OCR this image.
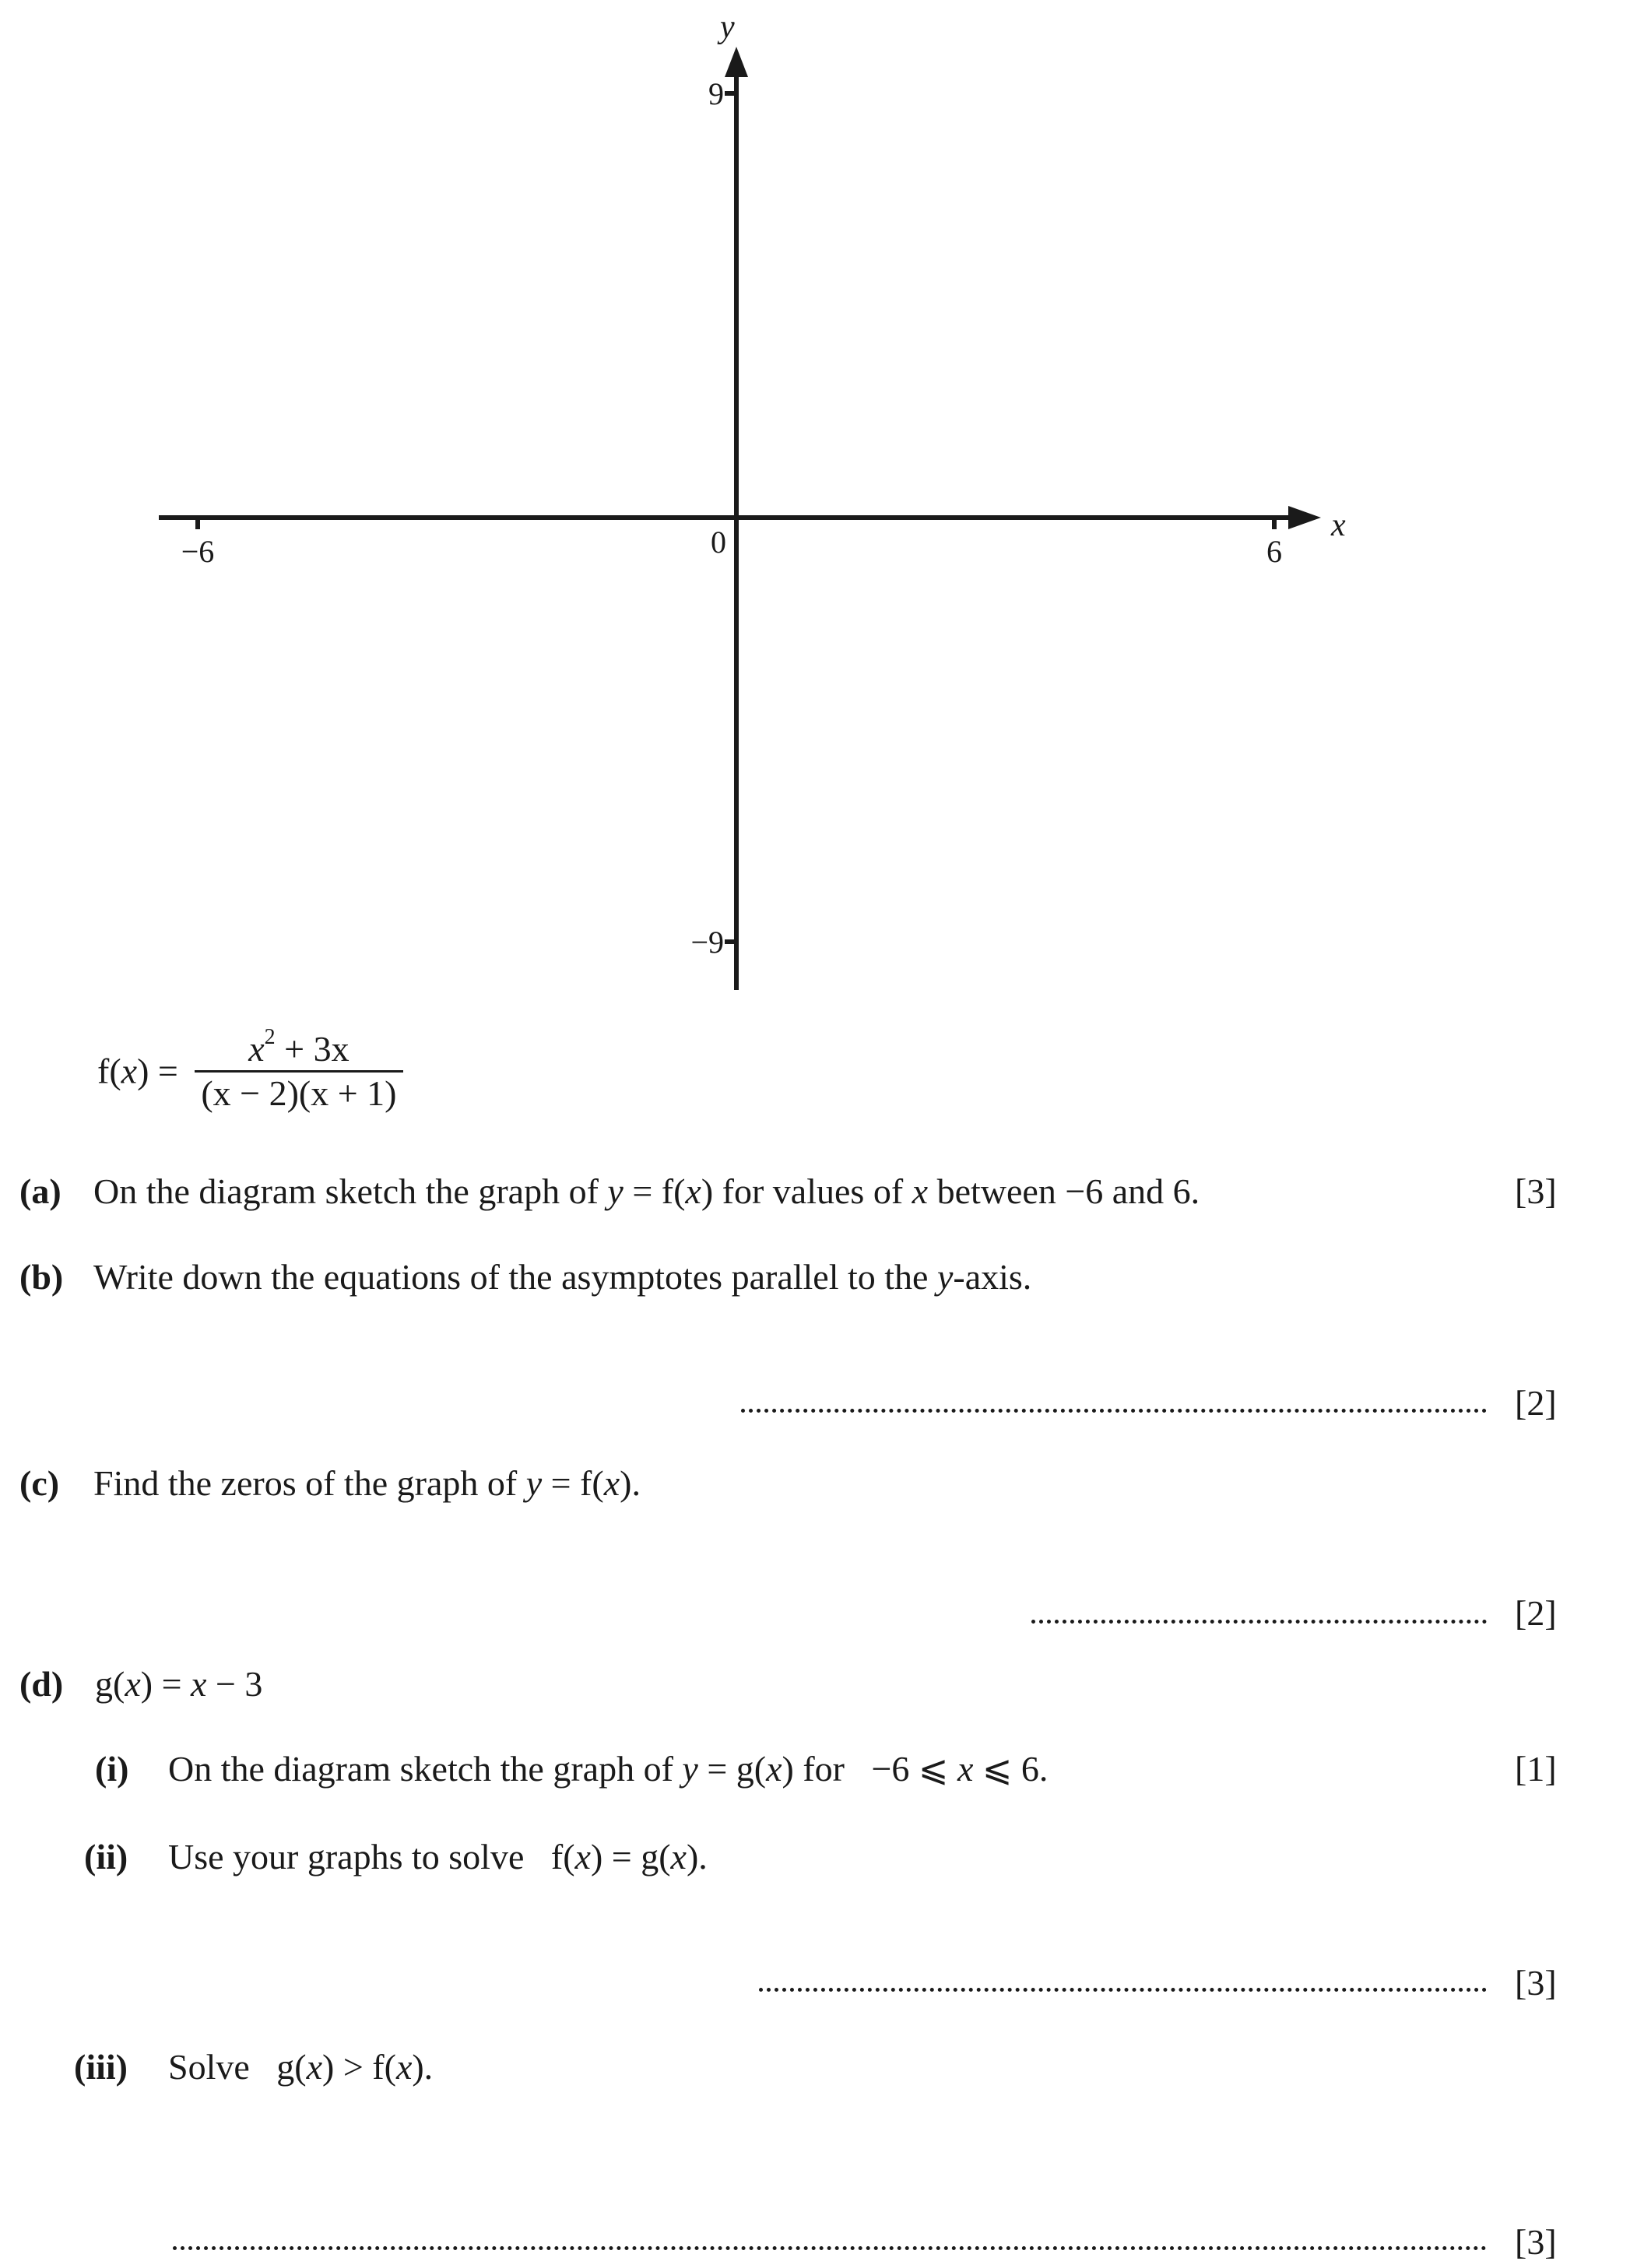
y
x
9
−9
−6	6
0
$f(x) = \frac{x^2 + 3x}{(x - 2)(x + 1)}$
(a) On the diagram sketch the graph of y = f(x) for values of x between −6 and 6.	[3]
(b) Write down the equations of the asymptotes parallel to the y-axis.
[2]
(c) Find the zeros of the graph of y = f(x).
[2]
(d) g(x) = x − 3
(i) On the diagram sketch the graph of y = g(x) for   −6 ⩽ x ⩽ 6.	[1]
(ii) Use your graphs to solve   f(x) = g(x).
[3]
(iii) Solve   g(x) > f(x).
[3]
